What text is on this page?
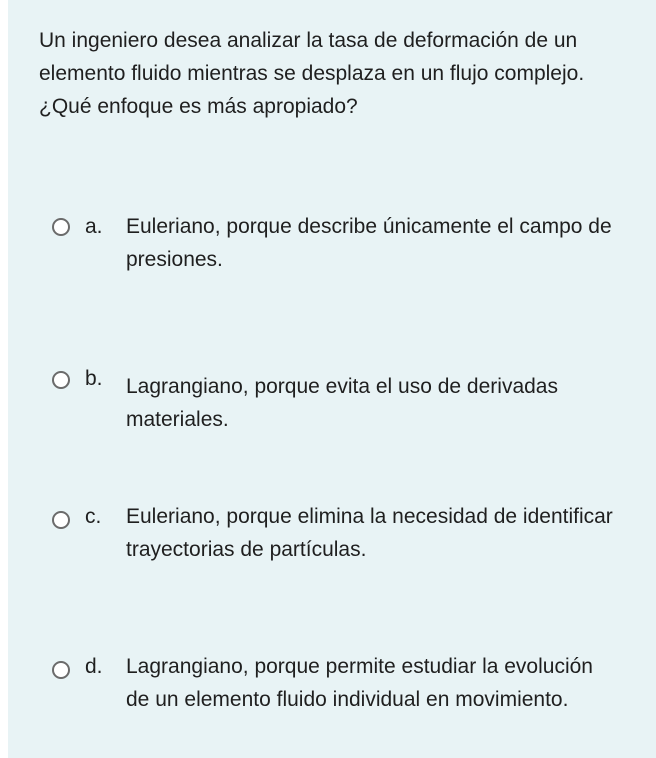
Un ingeniero desea analizar la tasa de deformación de un elemento fluido mientras se desplaza en un flujo complejo. ¿Qué enfoque es más apropiado?

a. Euleriano, porque describe únicamente el campo de presiones.
b. Lagrangiano, porque evita el uso de derivadas materiales.
c. Euleriano, porque elimina la necesidad de identificar trayectorias de partículas.
d. Lagrangiano, porque permite estudiar la evolución de un elemento fluido individual en movimiento.
